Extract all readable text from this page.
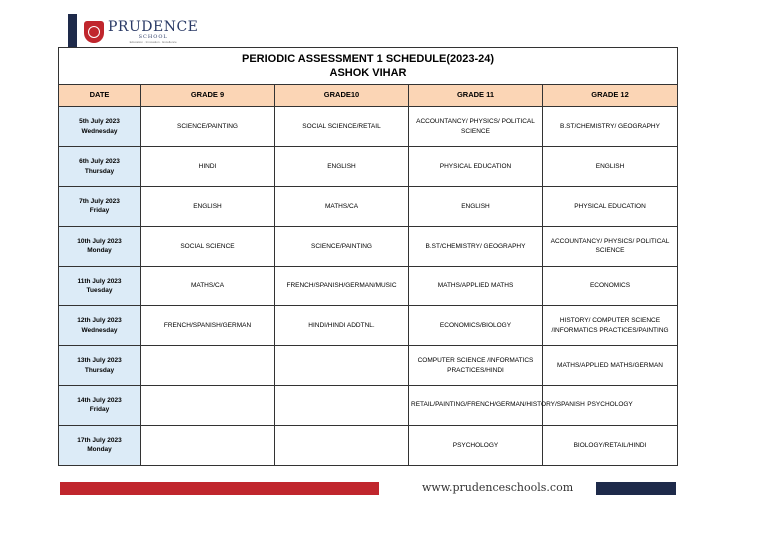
PRUDENCE
SCHOOL
Education · Innovation · Excellence
PERIODIC ASSESSMENT 1 SCHEDULE(2023-24)
ASHOK VIHAR				

DATE	GRADE 9	GRADE10	GRADE 11	GRADE 12

5th July 2023
Wednesday	SCIENCE/PAINTING	SOCIAL SCIENCE/RETAIL	ACCOUNTANCY/ PHYSICS/ POLITICAL SCIENCE	B.ST/CHEMISTRY/ GEOGRAPHY

6th July 2023
Thursday	HINDI	ENGLISH	PHYSICAL EDUCATION	ENGLISH

7th July 2023
Friday	ENGLISH	MATHS/CA	ENGLISH	PHYSICAL EDUCATION

10th July 2023
Monday	SOCIAL SCIENCE	SCIENCE/PAINTING	B.ST/CHEMISTRY/ GEOGRAPHY	ACCOUNTANCY/ PHYSICS/ POLITICAL SCIENCE

11th July 2023
Tuesday	MATHS/CA	FRENCH/SPANISH/GERMAN/MUSIC	MATHS/APPLIED MATHS	ECONOMICS

12th July 2023
Wednesday	FRENCH/SPANISH/GERMAN	HINDI/HINDI ADDTNL.	ECONOMICS/BIOLOGY	HISTORY/ COMPUTER SCIENCE /INFORMATICS PRACTICES/PAINTING

13th July 2023
Thursday			COMPUTER SCIENCE /INFORMATICS PRACTICES/HINDI	MATHS/APPLIED MATHS/GERMAN

14th July 2023
Friday			RETAIL/PAINTING/FRENCH/GERMAN/HISTORY/SPANISH	PSYCHOLOGY

17th July 2023
Monday			PSYCHOLOGY	BIOLOGY/RETAIL/HINDI
www.prudenceschools.com
